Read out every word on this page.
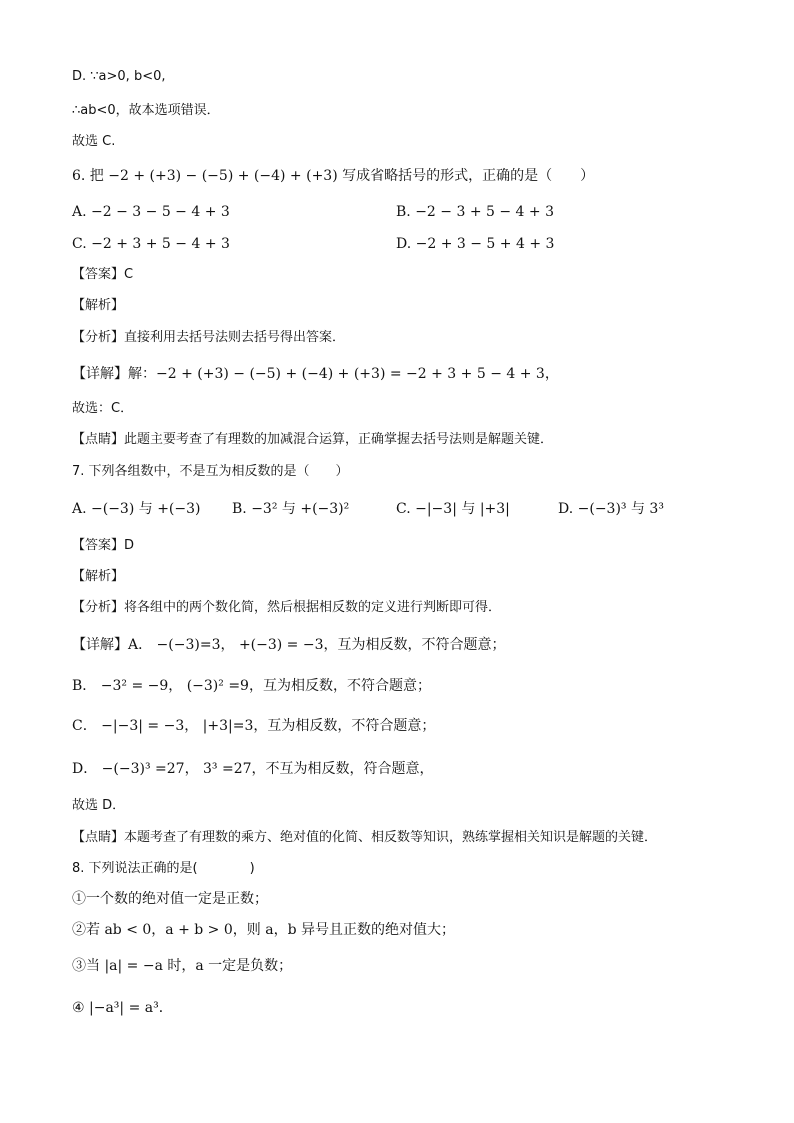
D. ∵a>0, b<0,
∴ab<0，故本选项错误．
故选 C.
6. 把 −2 + (+3) − (−5) + (−4) + (+3) 写成省略括号的形式，正确的是（　　）
A. −2 − 3 − 5 − 4 + 3	B. −2 − 3 + 5 − 4 + 3
C. −2 + 3 + 5 − 4 + 3	D. −2 + 3 − 5 + 4 + 3
【答案】C
【解析】
【分析】直接利用去括号法则去括号得出答案．
【详解】解：−2 + (+3) − (−5) + (−4) + (+3) = −2 + 3 + 5 − 4 + 3，
故选：C．
【点睛】此题主要考查了有理数的加减混合运算，正确掌握去括号法则是解题关键．
7. 下列各组数中，不是互为相反数的是（　　）
A. −(−3) 与 +(−3) B. −3² 与 +(−3)²	C. −|−3| 与 |+3|	D. −(−3)³ 与 3³
【答案】D
【解析】
【分析】将各组中的两个数化简，然后根据相反数的定义进行判断即可得．
【详解】A． −(−3)=3， +(−3) = −3，互为相反数，不符合题意；
B． −3² = −9， (−3)² =9，互为相反数，不符合题意；
C． −|−3| = −3， |+3|=3，互为相反数，不符合题意；
D． −(−3)³ =27， 3³ =27，不互为相反数，符合题意，
故选 D．
【点睛】本题考查了有理数的乘方、绝对值的化简、相反数等知识，熟练掌握相关知识是解题的关键．
8. 下列说法正确的是(　　　　)
①一个数的绝对值一定是正数；
②若 ab < 0，a + b > 0，则 a，b 异号且正数的绝对值大；
③当 |a| = −a 时，a 一定是负数；
④ |−a³| = a³．
